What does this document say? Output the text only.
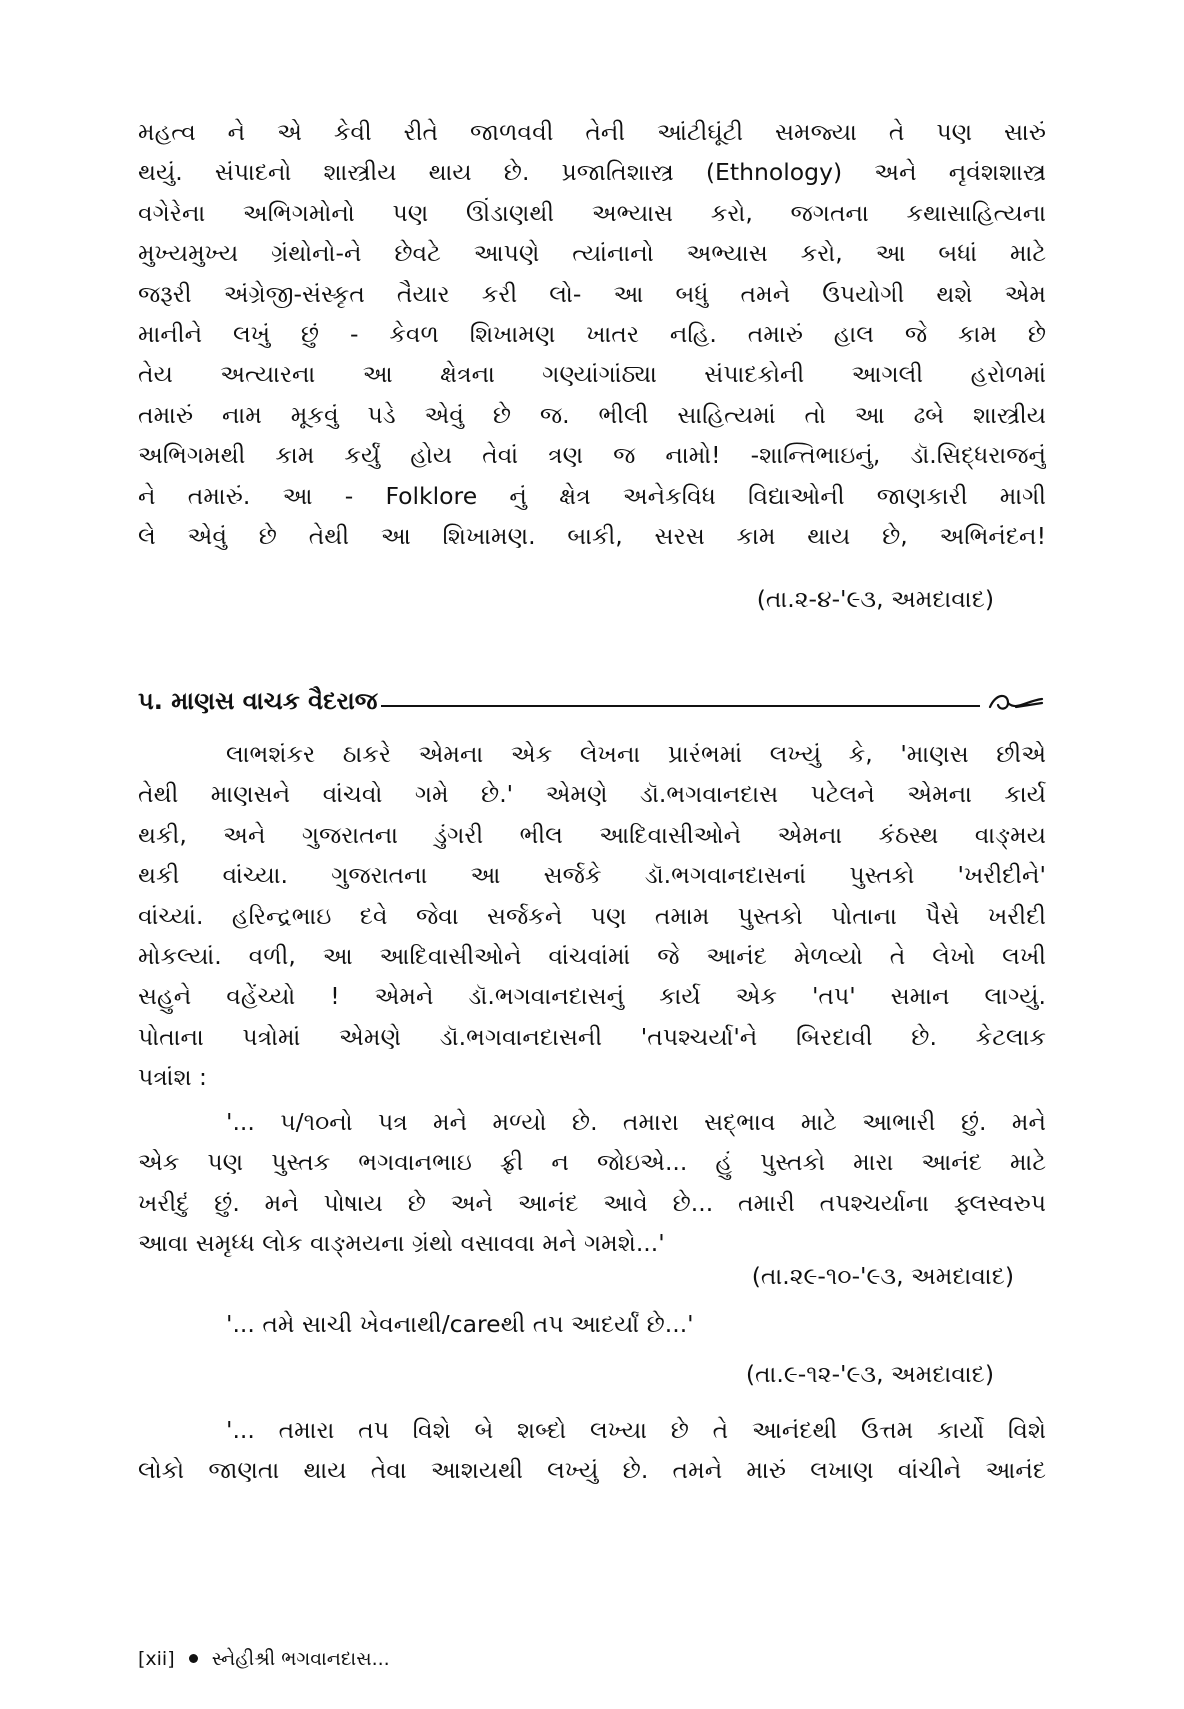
મહત્વ ને એ કેવી રીતે જાળવવી તેની આંટીઘૂંટી સમજ્યા તે પણ સારું
થયું. સંપાદનો શાસ્ત્રીય થાય છે. પ્રજાતિશાસ્ત્ર (Ethnology) અને નૃવંશશાસ્ત્ર
વગેરેના અભિગમોનો પણ ઊંડાણથી અભ્યાસ કરો, જગતના કથાસાહિત્યના
મુખ્યમુખ્ય ગ્રંથોનો-ને છેવટે આપણે ત્યાંનાનો અભ્યાસ કરો, આ બધાં માટે
જરૂરી અંગ્રેજી-સંસ્કૃત તૈયાર કરી લો- આ બધું તમને ઉપયોગી થશે એમ
માનીને લખું છું - કેવળ શિખામણ ખાતર નહિ. તમારું હાલ જે કામ છે
તેય અત્યારના આ ક્ષેત્રના ગણ્યાંગાંઠ્યા સંપાદકોની આગલી હરોળમાં
તમારું નામ મૂકવું પડે એવું છે જ. ભીલી સાહિત્યમાં તો આ ઢબે શાસ્ત્રીય
અભિગમથી કામ કર્યું હોય તેવાં ત્રણ જ નામો! -શાન્તિભાઇનું, ડૉ.સિદ્ધરાજનું
ને તમારું. આ - Folklore નું ક્ષેત્ર અનેકવિધ વિદ્યાઓની જાણકારી માગી
લે એવું છે તેથી આ શિખામણ. બાકી, સરસ કામ થાય છે, અભિનંદન!

(તા.૨-૪-'૯૩, અમદાવાદ)
૫. માણસ વાચક વૈદરાજ

લાભશંકર ઠાકરે એમના એક લેખના પ્રારંભમાં લખ્યું કે, 'માણસ છીએ
તેથી માણસને વાંચવો ગમે છે.' એમણે ડૉ.ભગવાનદાસ પટેલને એમના કાર્ય
થકી, અને ગુજરાતના ડુંગરી ભીલ આદિવાસીઓને એમના કંઠસ્થ વાઙ્મય
થકી વાંચ્યા. ગુજરાતના આ સર્જકે ડૉ.ભગવાનદાસનાં પુસ્તકો 'ખરીદીને'
વાંચ્યાં. હરિન્દ્રભાઇ દવે જેવા સર્જકને પણ તમામ પુસ્તકો પોતાના પૈસે ખરીદી
મોકલ્યાં. વળી, આ આદિવાસીઓને વાંચવાંમાં જે આનંદ મેળવ્યો તે લેખો લખી
સહુને વહેંચ્યો ! એમને ડૉ.ભગવાનદાસનું કાર્ય એક 'તપ' સમાન લાગ્યું.
પોતાના પત્રોમાં એમણે ડૉ.ભગવાનદાસની 'તપશ્ચર્યા'ને બિરદાવી છે. કેટલાક
પત્રાંશ :

'... ૫/૧૦નો પત્ર મને મળ્યો છે. તમારા સદ્‌ભાવ માટે આભારી છું. મને
એક પણ પુસ્તક ભગવાનભાઇ ફ્રી ન જોઇએ... હું પુસ્તકો મારા આનંદ માટે
ખરીદું છું. મને પોષાય છે અને આનંદ આવે છે... તમારી તપશ્ચર્યાના ફ્લસ્વરુપ
આવા સમૃધ્ધ લોક વાઙ્મયના ગ્રંથો વસાવવા મને ગમશે...'

(તા.૨૯-૧૦-'૯૩, અમદાવાદ)
'... તમે સાચી ખેવનાથી/careથી તપ આદર્યાં છે...'
(તા.૯-૧૨-'૯૩, અમદાવાદ)

'... તમારા તપ વિશે બે શબ્દો લખ્યા છે તે આનંદથી ઉત્તમ કાર્યો વિશે
લોકો જાણતા થાય તેવા આશયથી લખ્યું છે. તમને મારું લખાણ વાંચીને આનંદ

[xii] સ્નેહીશ્રી ભગવાનદાસ...
